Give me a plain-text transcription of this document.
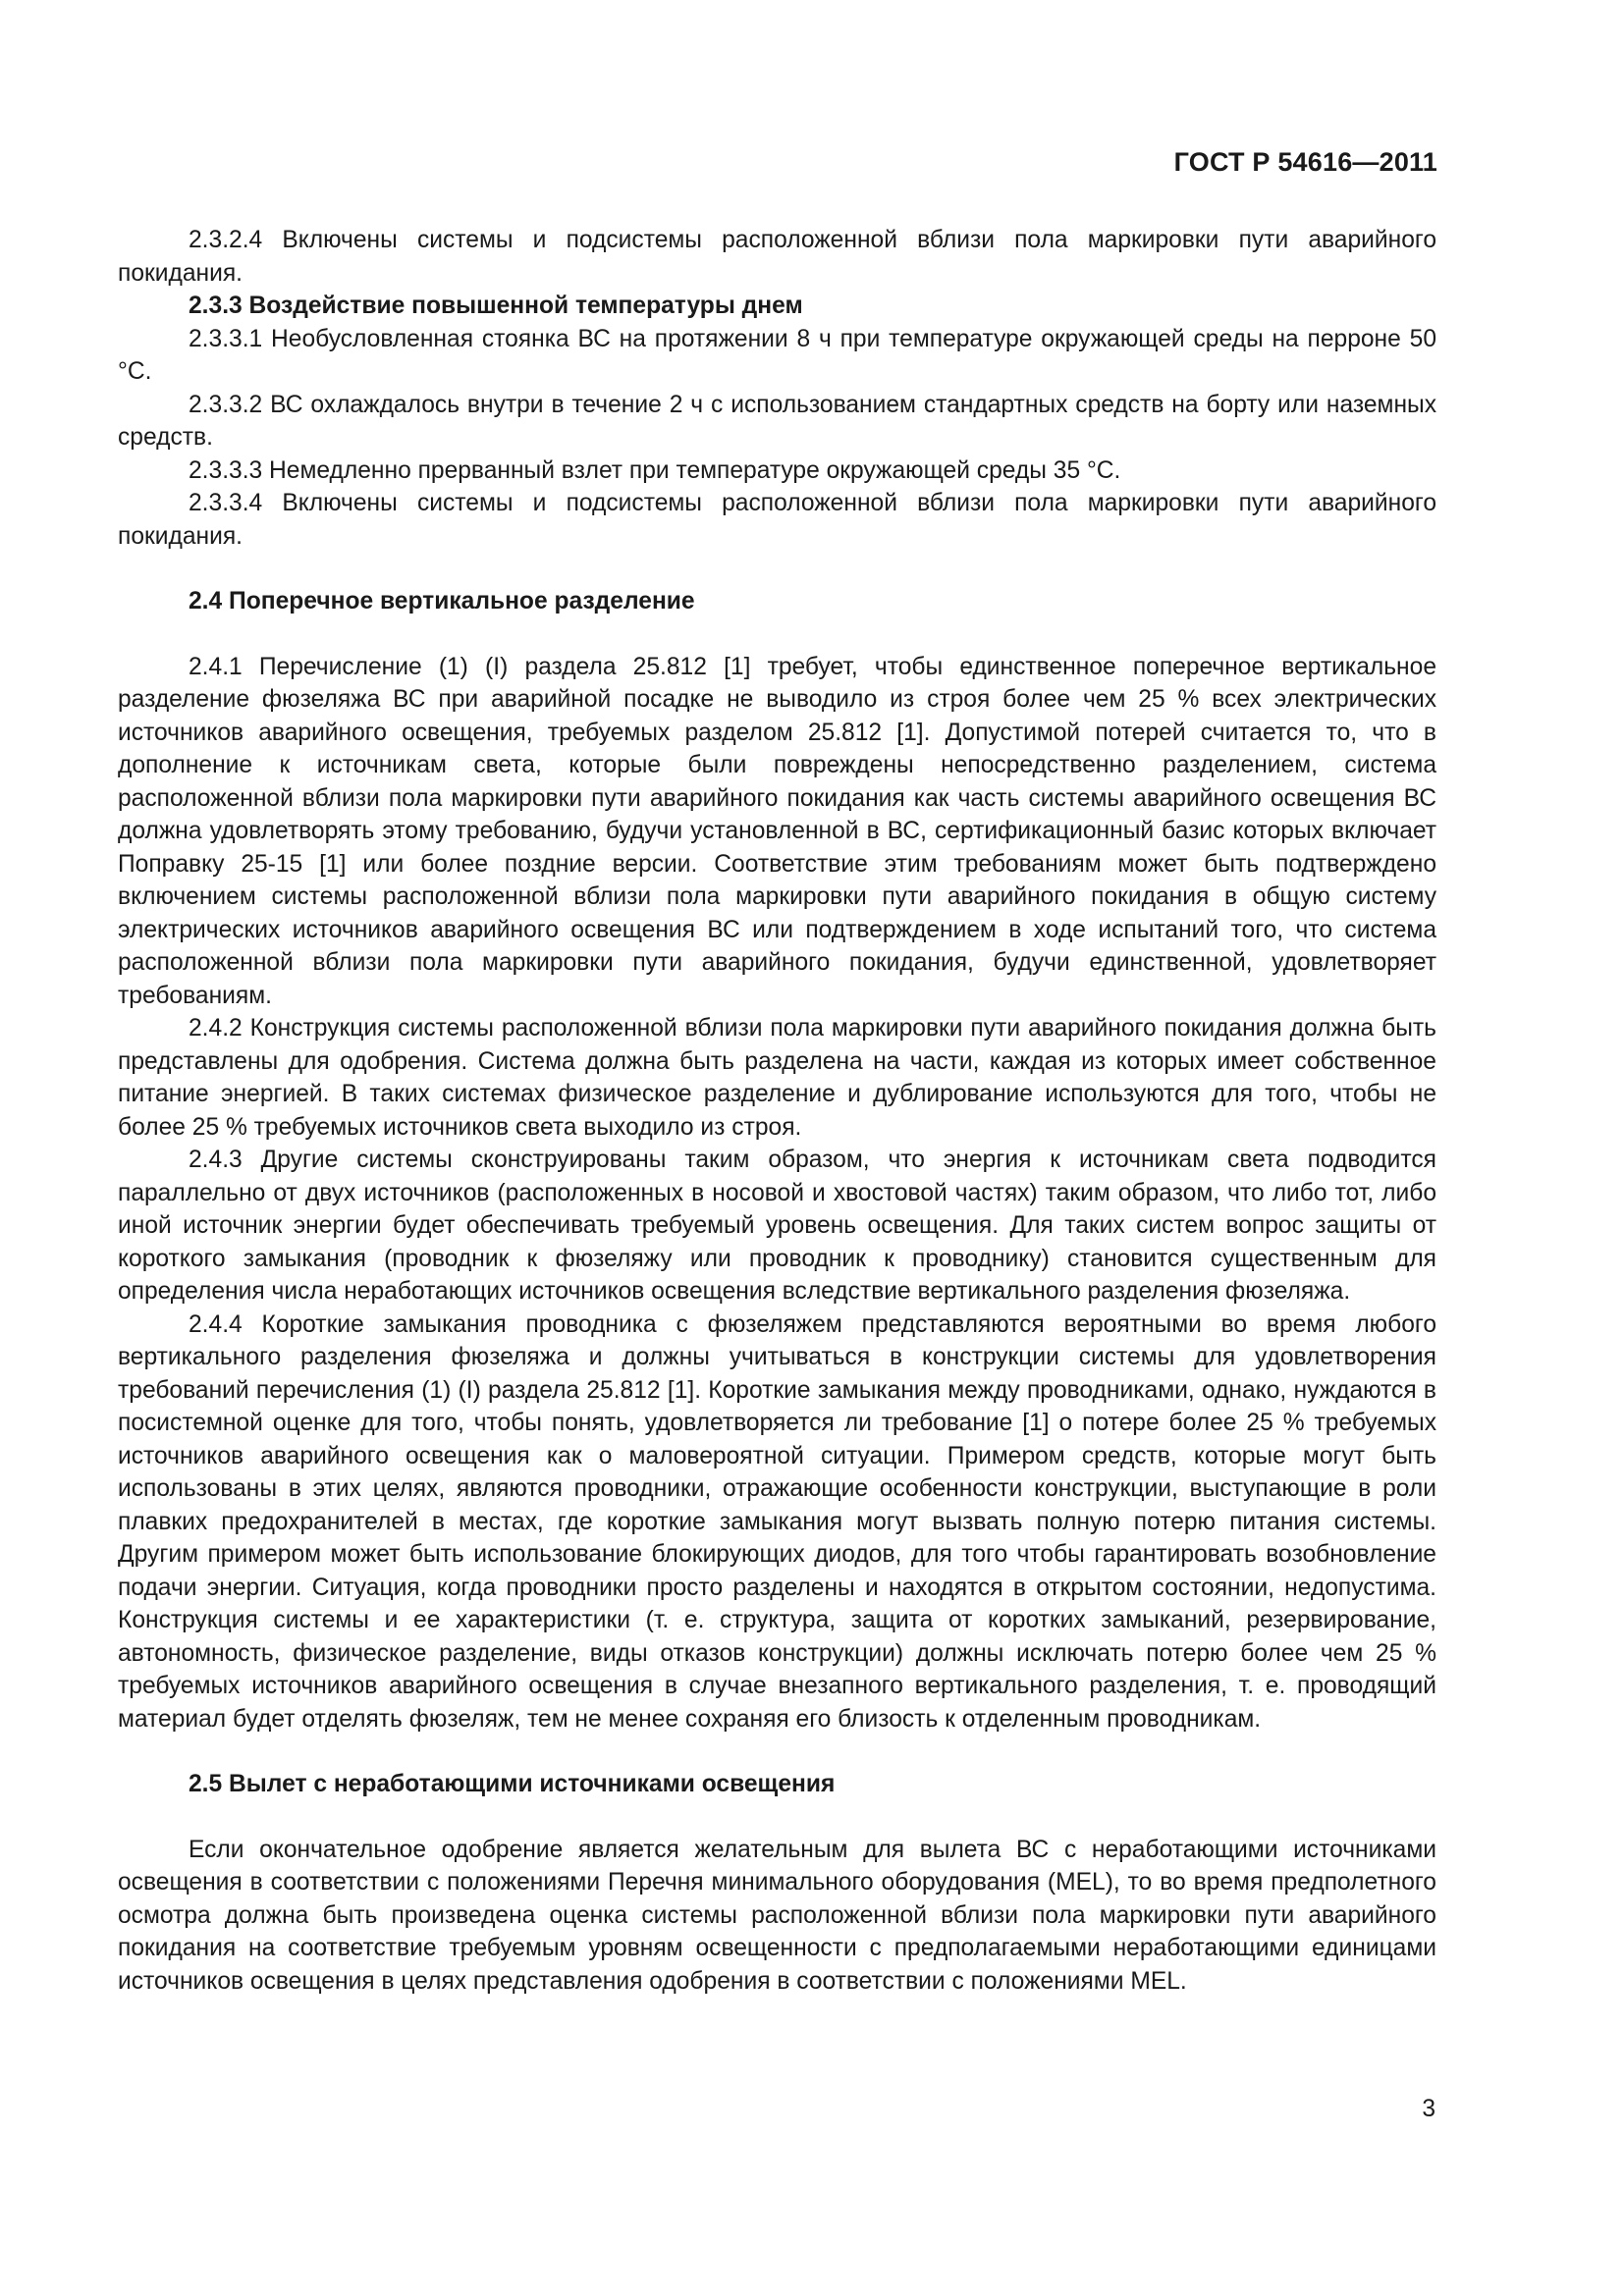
ГОСТ Р 54616—2011

2.3.2.4 Включены системы и подсистемы расположенной вблизи пола маркировки пути аварийного покидания.

2.3.3 Воздействие повышенной температуры днем

2.3.3.1 Необусловленная стоянка ВС на протяжении 8 ч при температуре окружающей среды на перроне 50 °С.

2.3.3.2 ВС охлаждалось внутри в течение 2 ч с использованием стандартных средств на борту или наземных средств.

2.3.3.3 Немедленно прерванный взлет при температуре окружающей среды 35 °С.

2.3.3.4 Включены системы и подсистемы расположенной вблизи пола маркировки пути аварийного покидания.

2.4 Поперечное вертикальное разделение

2.4.1 Перечисление (1) (I) раздела 25.812 [1] требует, чтобы единственное поперечное вертикальное разделение фюзеляжа ВС при аварийной посадке не выводило из строя более чем 25 % всех электрических источников аварийного освещения, требуемых разделом 25.812 [1]. Допустимой потерей считается то, что в дополнение к источникам света, которые были повреждены непосредственно разделением, система расположенной вблизи пола маркировки пути аварийного покидания как часть системы аварийного освещения ВС должна удовлетворять этому требованию, будучи установленной в ВС, сертификационный базис которых включает Поправку 25-15 [1] или более поздние версии. Соответствие этим требованиям может быть подтверждено включением системы расположенной вблизи пола маркировки пути аварийного покидания в общую систему электрических источников аварийного освещения ВС или подтверждением в ходе испытаний того, что система расположенной вблизи пола маркировки пути аварийного покидания, будучи единственной, удовлетворяет требованиям.

2.4.2 Конструкция системы расположенной вблизи пола маркировки пути аварийного покидания должна быть представлены для одобрения. Система должна быть разделена на части, каждая из которых имеет собственное питание энергией. В таких системах физическое разделение и дублирование используются для того, чтобы не более 25 % требуемых источников света выходило из строя.

2.4.3 Другие системы сконструированы таким образом, что энергия к источникам света подводится параллельно от двух источников (расположенных в носовой и хвостовой частях) таким образом, что либо тот, либо иной источник энергии будет обеспечивать требуемый уровень освещения. Для таких систем вопрос защиты от короткого замыкания (проводник к фюзеляжу или проводник к проводнику) становится существенным для определения числа неработающих источников освещения вследствие вертикального разделения фюзеляжа.

2.4.4 Короткие замыкания проводника с фюзеляжем представляются вероятными во время любого вертикального разделения фюзеляжа и должны учитываться в конструкции системы для удовлетворения требований перечисления (1) (I) раздела 25.812 [1]. Короткие замыкания между проводниками, однако, нуждаются в посистемной оценке для того, чтобы понять, удовлетворяется ли требование [1] о потере более 25 % требуемых источников аварийного освещения как о маловероятной ситуации. Примером средств, которые могут быть использованы в этих целях, являются проводники, отражающие особенности конструкции, выступающие в роли плавких предохранителей в местах, где короткие замыкания могут вызвать полную потерю питания системы. Другим примером может быть использование блокирующих диодов, для того чтобы гарантировать возобновление подачи энергии. Ситуация, когда проводники просто разделены и находятся в открытом состоянии, недопустима. Конструкция системы и ее характеристики (т. е. структура, защита от коротких замыканий, резервирование, автономность, физическое разделение, виды отказов конструкции) должны исключать потерю более чем 25 % требуемых источников аварийного освещения в случае внезапного вертикального разделения, т. е. проводящий материал будет отделять фюзеляж, тем не менее сохраняя его близость к отделенным проводникам.

2.5 Вылет с неработающими источниками освещения

Если окончательное одобрение является желательным для вылета ВС с неработающими источниками освещения в соответствии с положениями Перечня минимального оборудования (MEL), то во время предполетного осмотра должна быть произведена оценка системы расположенной вблизи пола маркировки пути аварийного покидания на соответствие требуемым уровням освещенности с предполагаемыми неработающими единицами источников освещения в целях представления одобрения в соответствии с положениями MEL.

3
